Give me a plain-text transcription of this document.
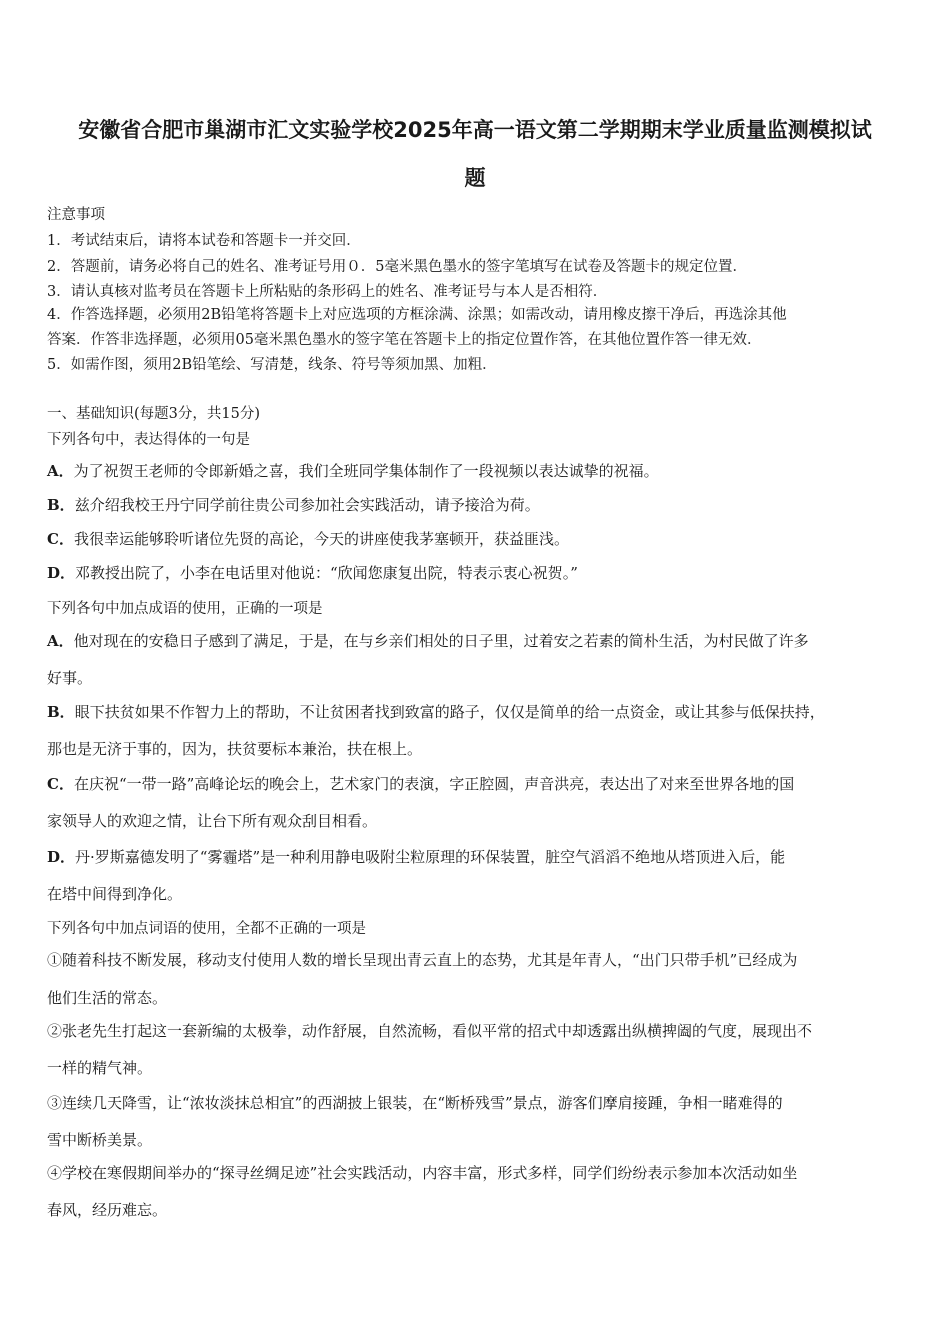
安徽省合肥市巢湖市汇文实验学校2025年高一语文第二学期期末学业质量监测模拟试
题
注意事项
1．考试结束后，请将本试卷和答题卡一并交回．
2．答题前，请务必将自己的姓名、准考证号用０．5毫米黑色墨水的签字笔填写在试卷及答题卡的规定位置．
3．请认真核对监考员在答题卡上所粘贴的条形码上的姓名、准考证号与本人是否相符．
4．作答选择题，必须用2B铅笔将答题卡上对应选项的方框涂满、涂黑；如需改动，请用橡皮擦干净后，再选涂其他
答案．作答非选择题，必须用05毫米黑色墨水的签字笔在答题卡上的指定位置作答，在其他位置作答一律无效．
5．如需作图，须用2B铅笔绘、写清楚，线条、符号等须加黑、加粗．
一、基础知识(每题3分，共15分)
下列各句中，表达得体的一句是
A．为了祝贺王老师的令郎新婚之喜，我们全班同学集体制作了一段视频以表达诚挚的祝福。
B．兹介绍我校王丹宁同学前往贵公司参加社会实践活动，请予接洽为荷。
C．我很幸运能够聆听诸位先贤的高论，今天的讲座使我茅塞顿开，获益匪浅。
D．邓教授出院了，小李在电话里对他说：“欣闻您康复出院，特表示衷心祝贺。”
下列各句中加点成语的使用，正确的一项是
A．他对现在的安稳日子感到了满足，于是，在与乡亲们相处的日子里，过着安之若素的简朴生活，为村民做了许多
好事。
B．眼下扶贫如果不作智力上的帮助，不让贫困者找到致富的路子，仅仅是简单的给一点资金，或让其参与低保扶持，
那也是无济于事的，因为，扶贫要标本兼治，扶在根上。
C．在庆祝“一带一路”高峰论坛的晚会上，艺术家门的表演，字正腔圆，声音洪亮，表达出了对来至世界各地的国
家领导人的欢迎之情，让台下所有观众刮目相看。
D．丹·罗斯嘉德发明了“雾霾塔”是一种利用静电吸附尘粒原理的环保装置，脏空气滔滔不绝地从塔顶进入后，能
在塔中间得到净化。
下列各句中加点词语的使用，全都不正确的一项是
①随着科技不断发展，移动支付使用人数的增长呈现出青云直上的态势，尤其是年青人，“出门只带手机”已经成为
他们生活的常态。
②张老先生打起这一套新编的太极拳，动作舒展，自然流畅，看似平常的招式中却透露出纵横捭阖的气度，展现出不
一样的精气神。
③连续几天降雪，让“浓妆淡抹总相宜”的西湖披上银装，在“断桥残雪”景点，游客们摩肩接踵，争相一睹难得的
雪中断桥美景。
④学校在寒假期间举办的“探寻丝绸足迹”社会实践活动，内容丰富，形式多样，同学们纷纷表示参加本次活动如坐
春风，经历难忘。
